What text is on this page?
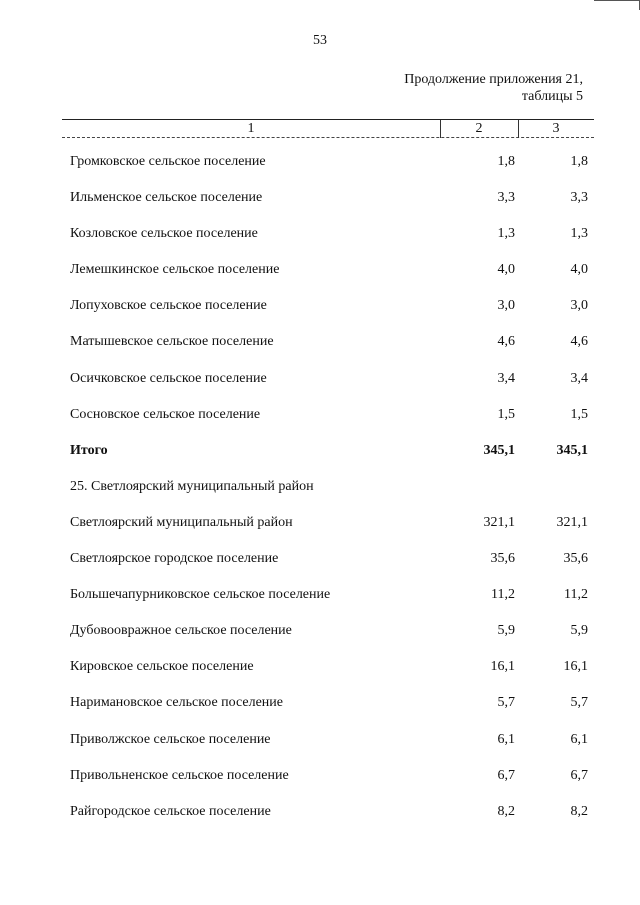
53
Продолжение приложения 21,
таблицы 5
1	2	3
Громковское сельское поселение	1,8	1,8
Ильменское сельское поселение	3,3	3,3
Козловское сельское поселение	1,3	1,3
Лемешкинское сельское поселение	4,0	4,0
Лопуховское сельское поселение	3,0	3,0
Матышевское сельское поселение	4,6	4,6
Осичковское сельское поселение	3,4	3,4
Сосновское сельское поселение	1,5	1,5
Итого	345,1	345,1
25. Светлоярский муниципальный район
Светлоярский муниципальный район	321,1	321,1
Светлоярское городское поселение	35,6	35,6
Большечапурниковское сельское поселение	11,2	11,2
Дубовоовражное сельское поселение	5,9	5,9
Кировское сельское поселение	16,1	16,1
Наримановское сельское поселение	5,7	5,7
Приволжское сельское поселение	6,1	6,1
Привольненское сельское поселение	6,7	6,7
Райгородское сельское поселение	8,2	8,2
